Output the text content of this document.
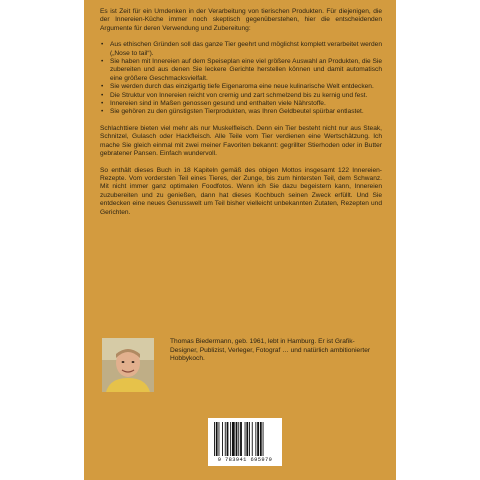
Es ist Zeit für ein Umdenken in der Verarbeitung von tierischen Produkten. Für diejenigen, die der Innereien-Küche immer noch skeptisch gegenüberstehen, hier die entscheidenden Argumente für deren Verwendung und Zubereitung:

• Aus ethischen Gründen soll das ganze Tier geehrt und möglichst komplett verarbeitet werden („Nose to tail“).
• Sie haben mit Innereien auf dem Speiseplan eine viel größere Auswahl an Produkten, die Sie zubereiten und aus denen Sie leckere Gerichte herstellen können und damit automatisch eine größere Geschmacksvielfalt.
• Sie werden durch das einzigartig tiefe Eigenaroma eine neue kulinarische Welt entdecken.
• Die Struktur von Innereien reicht von cremig und zart schmelzend bis zu kernig und fest.
• Innereien sind in Maßen genossen gesund und enthalten viele Nährstoffe.
• Sie gehören zu den günstigsten Tierprodukten, was Ihren Geldbeutel spürbar entlastet.

Schlachttiere bieten viel mehr als nur Muskelfleisch. Denn ein Tier besteht nicht nur aus Steak, Schnitzel, Gulasch oder Hackfleisch. Alle Teile vom Tier verdienen eine Wertschätzung. Ich mache Sie gleich einmal mit zwei meiner Favoriten bekannt: gegrillter Stierhoden oder in Butter gebratener Pansen. Einfach wundervoll.

So enthält dieses Buch in 18 Kapiteln gemäß des obigen Mottos insgesamt 122 Innereien-Rezepte. Vom vordersten Teil eines Tieres, der Zunge, bis zum hintersten Teil, dem Schwanz. Mit nicht immer ganz optimalen Foodfotos. Wenn ich Sie dazu begeistern kann, Innereien zuzubereiten und zu genießen, dann hat dieses Kochbuch seinen Zweck erfüllt. Und Sie entdecken eine neues Genusswelt um Teil bisher vielleicht unbekannten Zutaten, Rezepten und Gerichten.

Thomas Biedermann, geb. 1961, lebt in Hamburg. Er ist Grafik-Designer, Publizist, Verleger, Fotograf … und natürlich ambitionierter Hobbykoch.
9 783941 695979
